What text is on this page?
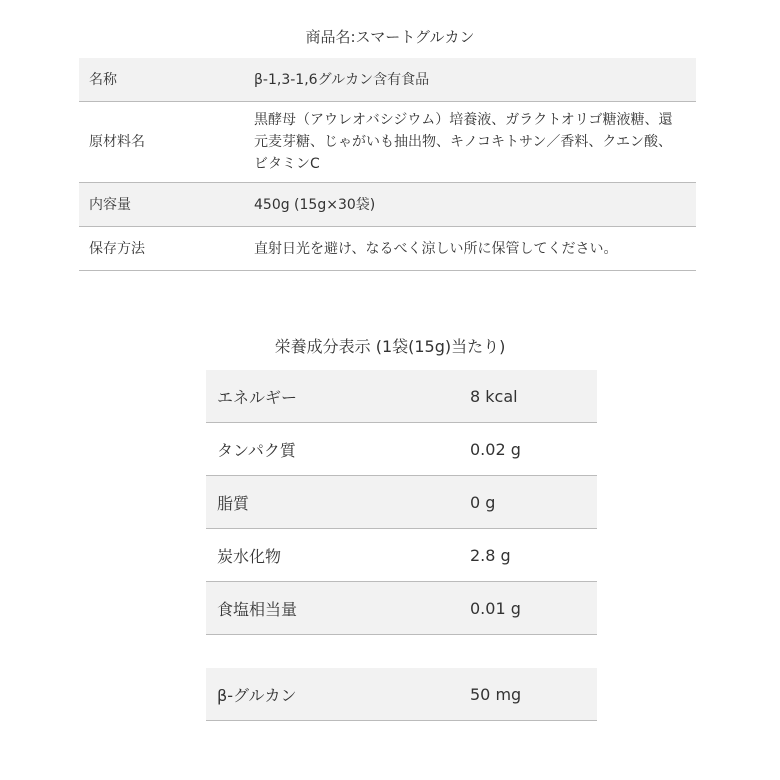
商品名:スマートグルカン
名称	β-1,3-1,6グルカン含有食品
原材料名	黒酵母（アウレオバシジウム）培養液、ガラクトオリゴ糖液糖、還
元麦芽糖、じゃがいも抽出物、キノコキトサン／香料、クエン酸、
ビタミンC

内容量	450g (15g×30袋)
保存方法	直射日光を避け、なるべく涼しい所に保管してください。
栄養成分表示 (1袋(15g)当たり)
エネルギー	8 kcal
タンパク質	0.02 g
脂質	0 g
炭水化物	2.8 g
食塩相当量	0.01 g
β-グルカン	50 mg
